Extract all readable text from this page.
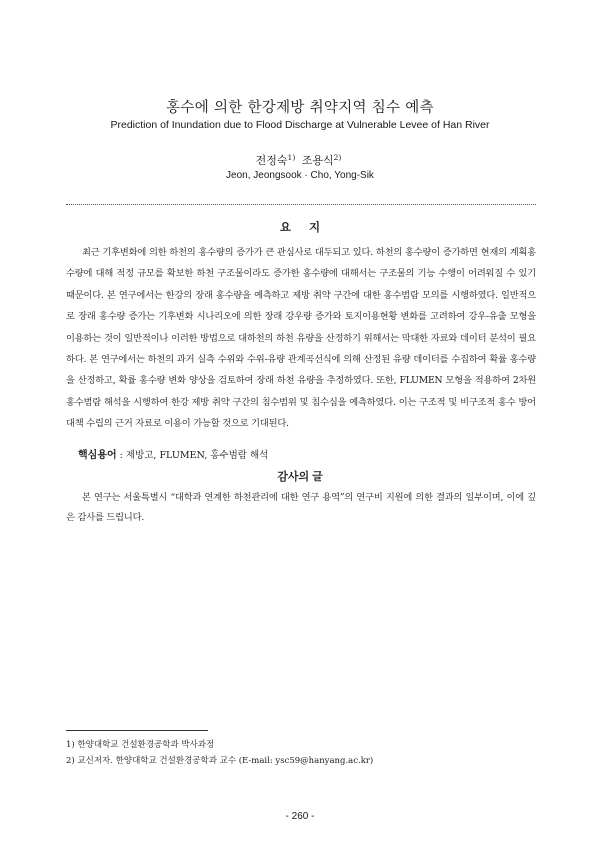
홍수에 의한 한강제방 취약지역 침수 예측
Prediction of Inundation due to Flood Discharge at Vulnerable Levee of Han River
전정숙$^{1)}$ 조용식$^{2)}$
Jeon, Jeongsook · Cho, Yong-Sik
요지

최근 기후변화에 의한 하천의 홍수량의 증가가 큰 관심사로 대두되고 있다. 하천의 홍수량이 증가하면 현재의 계획홍수량에 대해 적정 규모를 확보한 하천 구조물이라도 증가한 홍수량에 대해서는 구조물의 기능 수행이 어려워질 수 있기 때문이다. 본 연구에서는 한강의 장래 홍수량을 예측하고 제방 취약 구간에 대한 홍수범람 모의를 시행하였다. 일반적으로 장래 홍수량 증가는 기후변화 시나리오에 의한 장래 강우량 증가와 토지이용현황 변화를 고려하여 강우-유출 모형을 이용하는 것이 일반적이나 이러한 방법으로 대하천의 하천 유량을 산정하기 위해서는 막대한 자료와 데이터 분석이 필요하다. 본 연구에서는 하천의 과거 실측 수위와 수위-유량 관계곡선식에 의해 산정된 유량 데이터를 수집하여 확률 홍수량을 산정하고, 확률 홍수량 변화 양상을 검토하여 장래 하천 유량을 추정하였다. 또한, FLUMEN 모형을 적용하여 2차원 홍수범람 해석을 시행하여 한강 제방 취약 구간의 침수범위 및 침수심을 예측하였다. 이는 구조적 및 비구조적 홍수 방어 대책 수립의 근거 자료로 이용이 가능할 것으로 기대된다.

핵심용어 : 제방고, FLUMEN, 홍수범람 해석
감사의 글

본 연구는 서울특별시 “대학과 연계한 하천관리에 대한 연구 용역”의 연구비 지원에 의한 결과의 일부이며, 이에 깊은 감사를 드립니다.

1) 한양대학교 건설환경공학과 박사과정
2) 교신저자. 한양대학교 건설환경공학과 교수 (E-mail: ysc59@hanyang.ac.kr)
- 260 -
